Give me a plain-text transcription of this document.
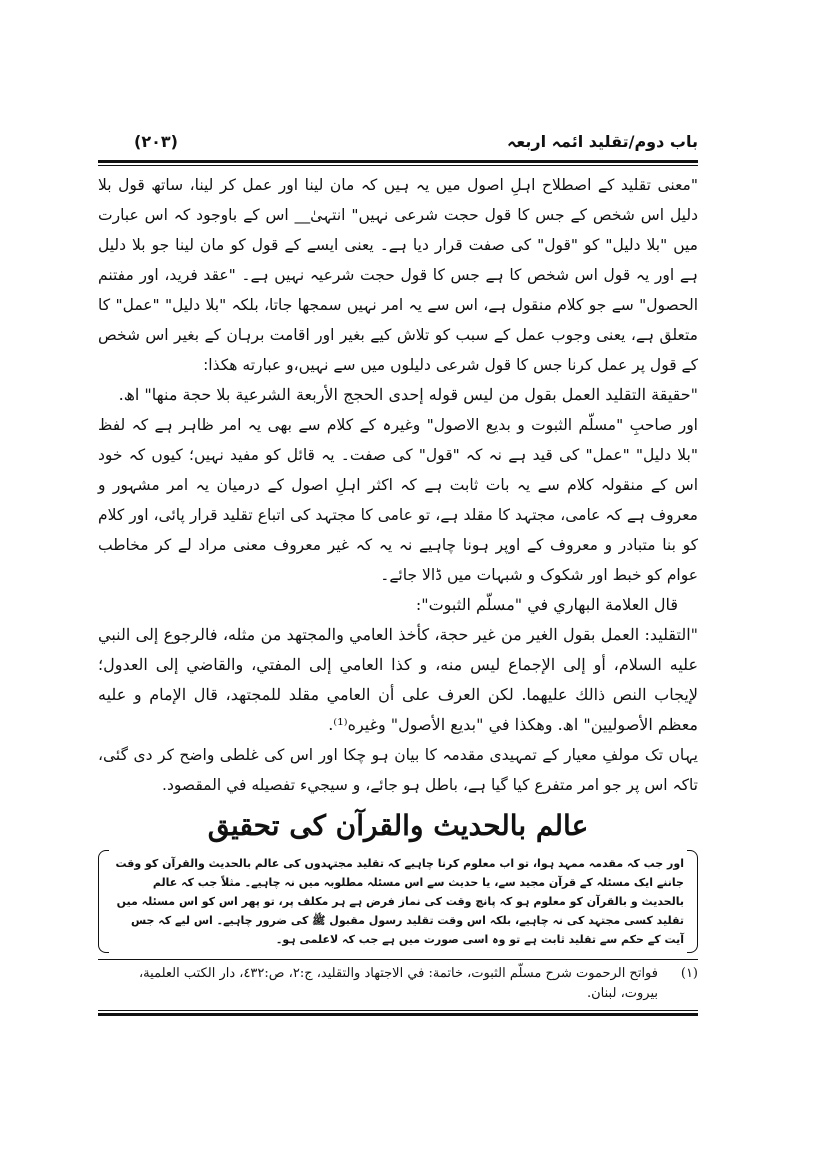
باب دوم/تقلید ائمہ اربعہ
(۲۰۳)

"معنی تقلید کے اصطلاح اہلِ اصول میں یہ ہیں کہ مان لینا اور عمل کر لینا، ساتھ قول بلا دلیل اس شخص کے جس کا قول حجت شرعی نہیں" انتہیٰ__ اس کے باوجود کہ اس عبارت میں "بلا دلیل" کو "قول" کی صفت قرار دیا ہے۔ یعنی ایسے کے قول کو مان لینا جو بلا دلیل ہے اور یہ قول اس شخص کا ہے جس کا قول حجت شرعیہ نہیں ہے۔ "عقد فرید، اور مفتنم الحصول" سے جو کلام منقول ہے، اس سے یہ امر نہیں سمجھا جاتا، بلکہ "بلا دلیل" "عمل" کا متعلق ہے، یعنی وجوب عمل کے سبب کو تلاش کیے بغیر اور اقامت برہان کے بغیر اس شخص کے قول پر عمل کرنا جس کا قول شرعی دلیلوں میں سے نہیں،و عبارته هكذا:

"حقيقة التقليد العمل بقول من ليس قوله إحدى الحجج الأربعة الشرعية بلا حجة منها" اھ.

اور صاحبِ "مسلّم الثبوت و بدیع الاصول" وغیرہ کے کلام سے بھی یہ امر ظاہر ہے کہ لفظ "بلا دلیل" "عمل" کی قید ہے نہ کہ "قول" کی صفت۔ یہ قائل کو مفید نہیں؛ کیوں کہ خود اس کے منقولہ کلام سے یہ بات ثابت ہے کہ اکثر اہلِ اصول کے درمیان یہ امر مشہور و معروف ہے کہ عامی، مجتہد کا مقلد ہے، تو عامی کا مجتہد کی اتباع تقلید قرار پائی، اور کلام کو بنا متبادر و معروف کے اوپر ہونا چاہیے نہ یہ کہ غیر معروف معنی مراد لے کر مخاطب عوام کو خبط اور شکوک و شبہات میں ڈالا جائے۔

قال العلامة البهاري في "مسلّم الثبوت":

"التقليد: العمل بقول الغير من غير حجة، كأخذ العامي والمجتهد من مثله، فالرجوع إلى النبي عليه السلام، أو إلى الإجماع ليس منه، و كذا العامي إلى المفتي، والقاضي إلى العدول؛ لإيجاب النص ذالك عليهما. لكن العرف على أن العامي مقلد للمجتهد، قال الإمام و عليه معظم الأصوليين" اھ. وهكذا في "بديع الأصول" وغيره⁽¹⁾.

یہاں تک مولفِ معیار کے تمہیدی مقدمہ کا بیان ہو چکا اور اس کی غلطی واضح کر دی گئی، تاکہ اس پر جو امر متفرع کیا گیا ہے، باطل ہو جائے، و سيجيء تفصيله في المقصود.

عالم بالحديث والقرآن کی تحقیق
اور جب کہ مقدمہ ممہد ہوا، تو اب معلوم کرنا چاہیے کہ تقلید مجتہدوں کی عالم بالحدیث والقرآن کو وقت جاننے ایک مسئلہ کے قرآن مجید سے، یا حدیث سے اس مسئلہ مطلوبہ میں نہ چاہیے۔ مثلاً جب کہ عالم بالحدیث و بالقرآن کو معلوم ہو کہ پانچ وقت کی نماز فرض ہے ہر مکلف پر، تو پھر اس کو اس مسئلہ میں تقلید کسی مجتہد کی نہ چاہیے، بلکہ اس وقت تقلید رسول مقبول ﷺ کی ضرور چاہیے۔ اس لیے کہ جس آیت کے حکم سے تقلید ثابت ہے تو وہ اسی صورت میں ہے جب کہ لاعلمی ہو۔
(١)
فواتح الرحموت شرح مسلّم الثبوت، خاتمة: في الاجتهاد والتقليد، ج:٢، ص:٤٣٢، دار الكتب العلمية، بيروت، لبنان.
